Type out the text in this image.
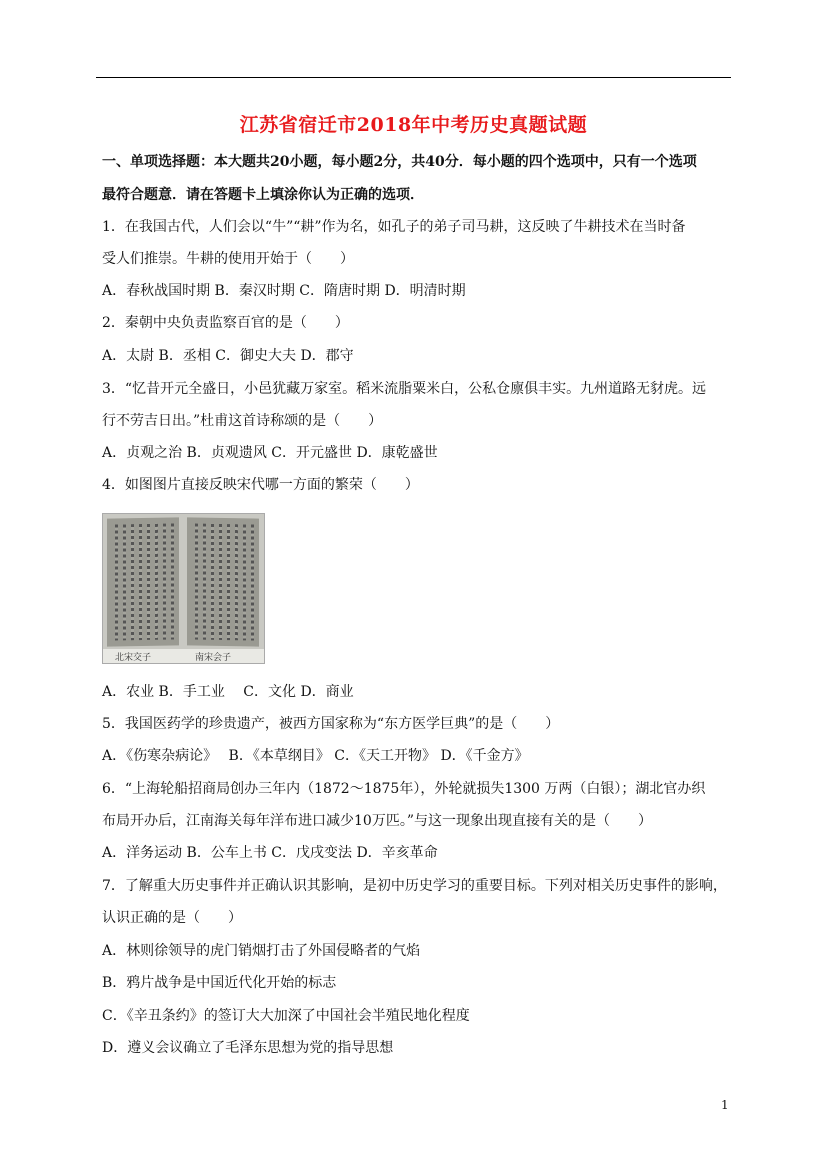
江苏省宿迁市2018年中考历史真题试题
一、单项选择题：本大题共20小题，每小题2分，共40分．每小题的四个选项中，只有一个选项
最符合题意．请在答题卡上填涂你认为正确的选项．
1．在我国古代，人们会以“牛”“耕”作为名，如孔子的弟子司马耕，这反映了牛耕技术在当时备
受人们推崇。牛耕的使用开始于（　　）
A．春秋战国时期 B．秦汉时期 C．隋唐时期 D．明清时期
2．秦朝中央负责监察百官的是（　　）
A．太尉 B．丞相 C．御史大夫 D．郡守
3．“忆昔开元全盛日，小邑犹藏万家室。稻米流脂粟米白，公私仓廪俱丰实。九州道路无豺虎。远
行不劳吉日出。”杜甫这首诗称颂的是（　　）
A．贞观之治 B．贞观遗风 C．开元盛世 D．康乾盛世
4．如图图片直接反映宋代哪一方面的繁荣（　　）
北宋交子	南宋会子
A．农业 B．手工业　 C．文化 D．商业
5．我国医药学的珍贵遗产，被西方国家称为“东方医学巨典”的是（　　）
A．《伤寒杂病论》　 B．《本草纲目》 C．《天工开物》 D．《千金方》
6．“上海轮船招商局创办三年内（1872～1875年），外轮就损失1300 万两（白银）；湖北官办织
布局开办后，江南海关每年洋布进口减少10万匹。”与这一现象出现直接有关的是（　　）
A．洋务运动 B．公车上书 C．戊戌变法 D．辛亥革命
7．了解重大历史事件并正确认识其影响，是初中历史学习的重要目标。下列对相关历史事件的影响，
认识正确的是（　　）
A．林则徐领导的虎门销烟打击了外国侵略者的气焰
B．鸦片战争是中国近代化开始的标志
C．《辛丑条约》的签订大大加深了中国社会半殖民地化程度
D．遵义会议确立了毛泽东思想为党的指导思想
1
